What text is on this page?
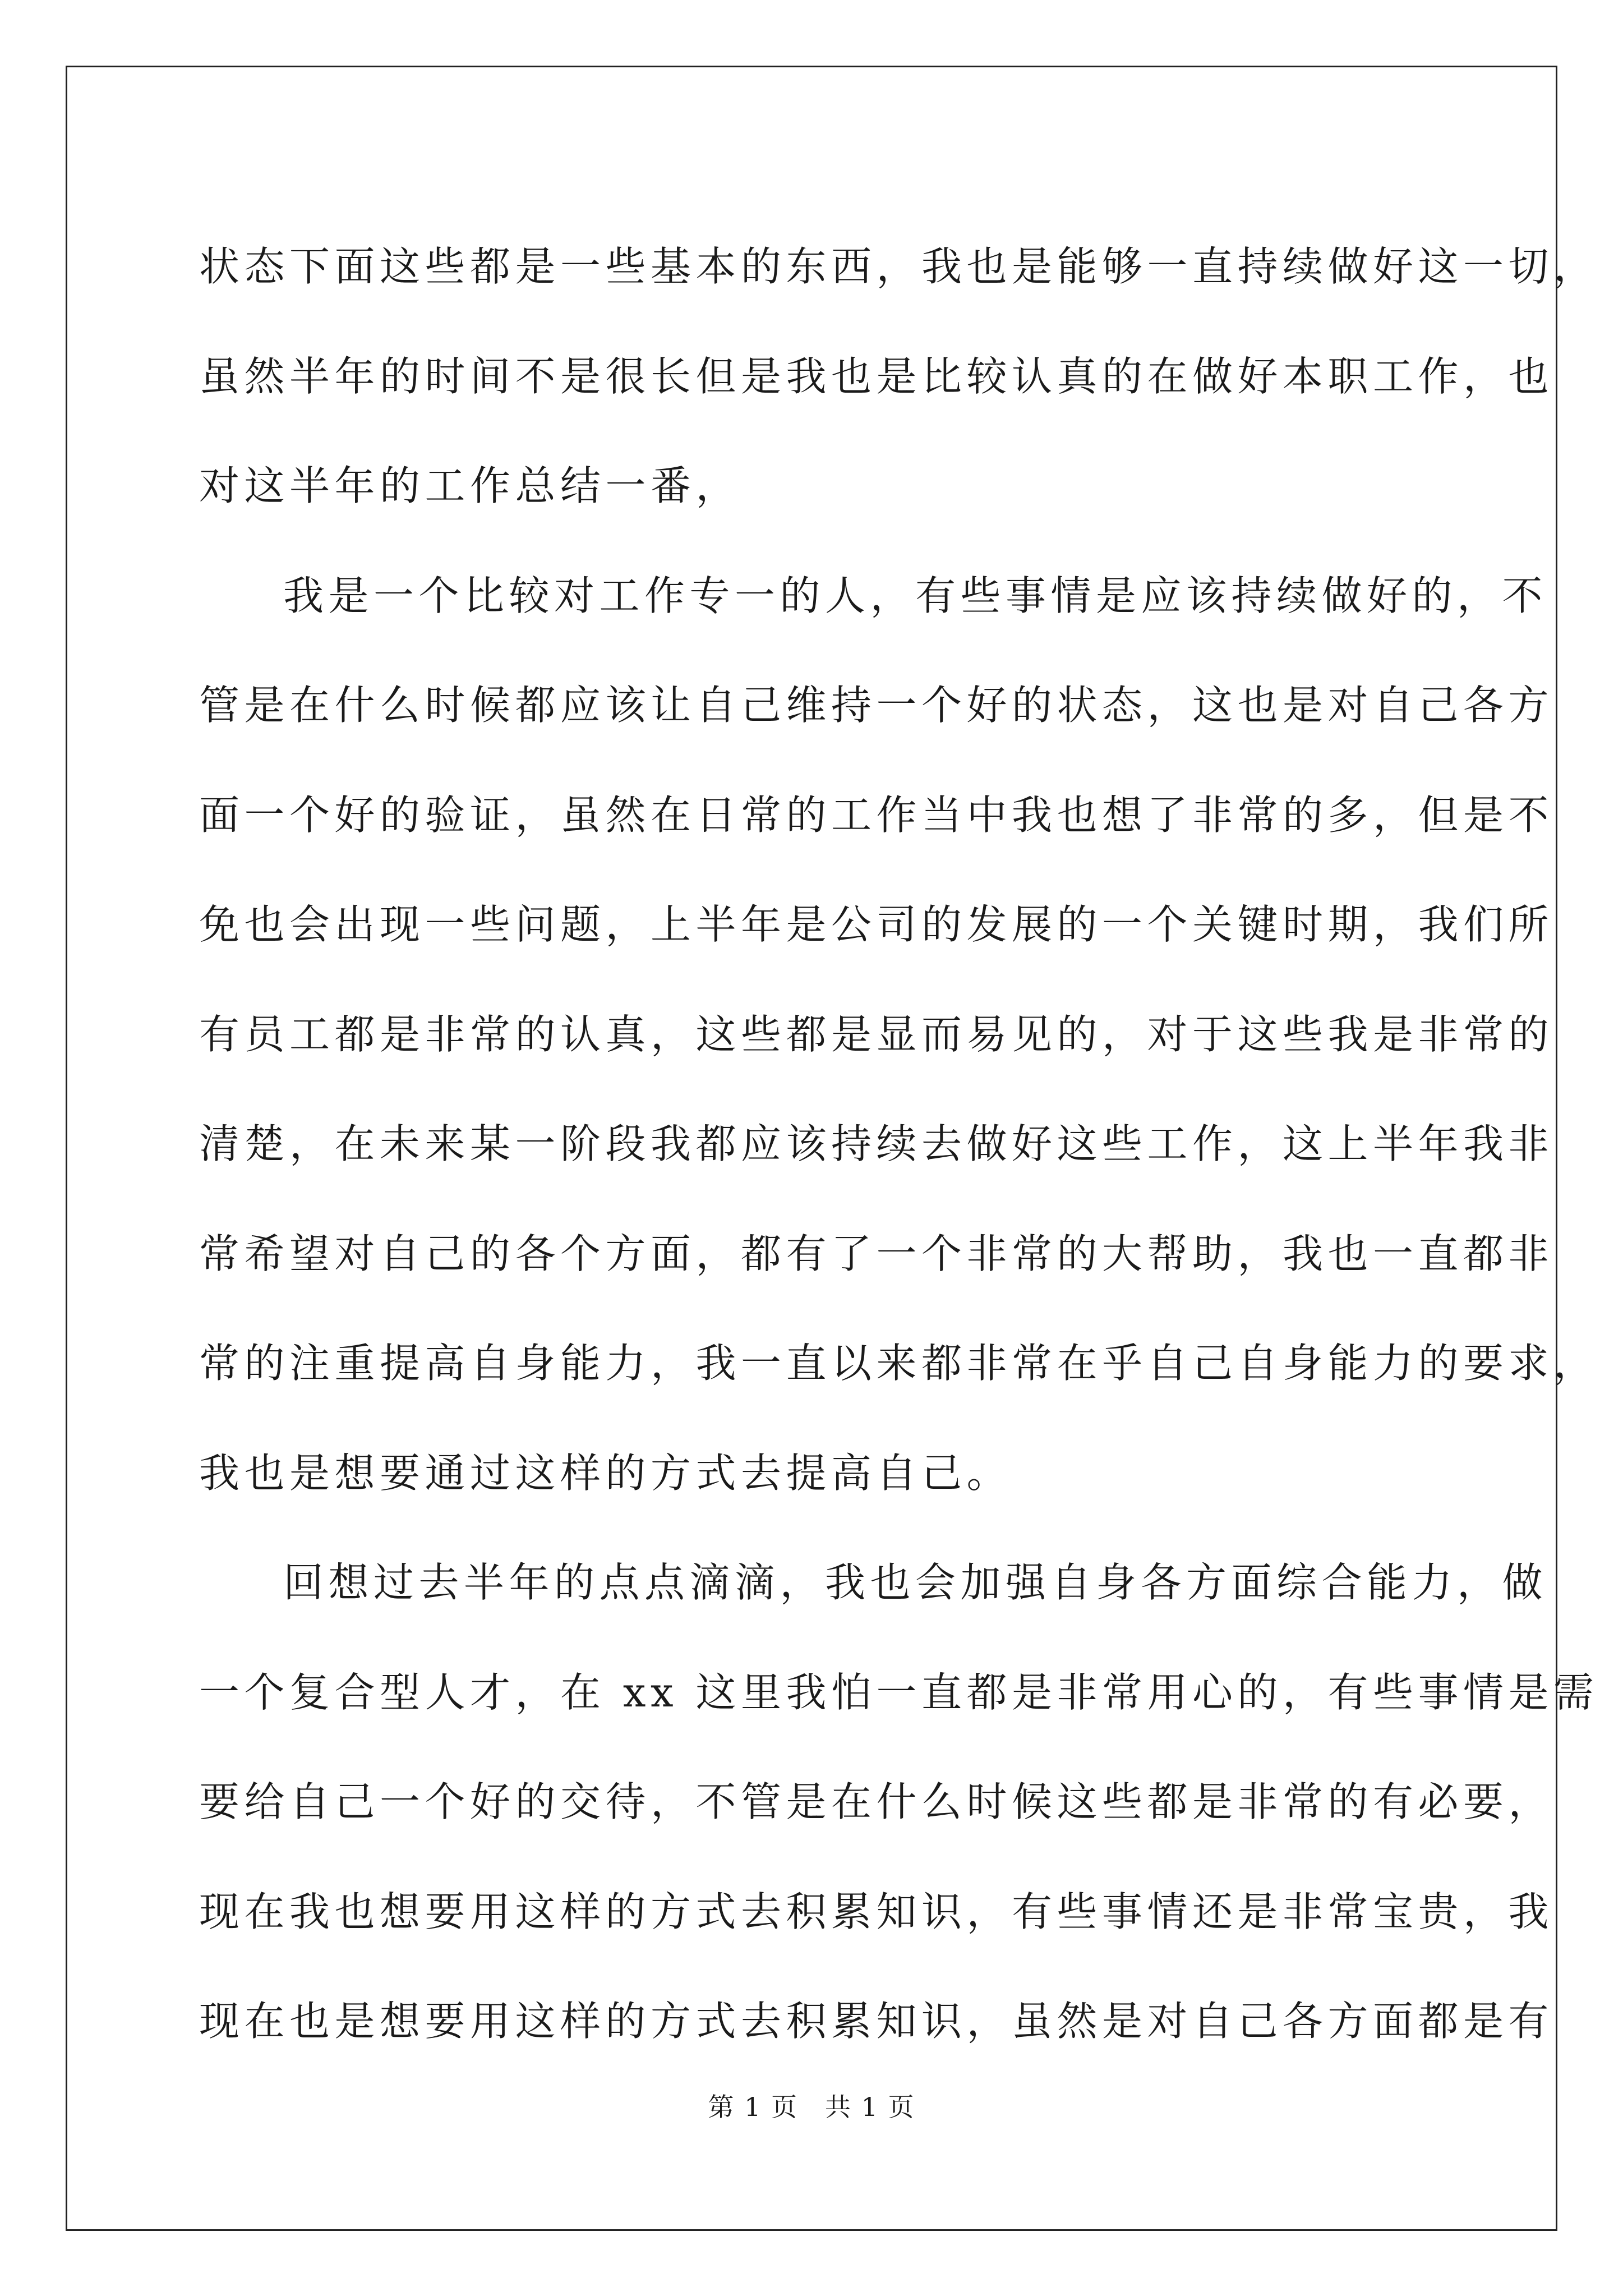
状态下面这些都是一些基本的东西，我也是能够一直持续做好这一切，
虽然半年的时间不是很长但是我也是比较认真的在做好本职工作，也
对这半年的工作总结一番，
我是一个比较对工作专一的人，有些事情是应该持续做好的，不
管是在什么时候都应该让自己维持一个好的状态，这也是对自己各方
面一个好的验证，虽然在日常的工作当中我也想了非常的多，但是不
免也会出现一些问题，上半年是公司的发展的一个关键时期，我们所
有员工都是非常的认真，这些都是显而易见的，对于这些我是非常的
清楚，在未来某一阶段我都应该持续去做好这些工作，这上半年我非
常希望对自己的各个方面，都有了一个非常的大帮助，我也一直都非
常的注重提高自身能力，我一直以来都非常在乎自己自身能力的要求，
我也是想要通过这样的方式去提高自己。
回想过去半年的点点滴滴，我也会加强自身各方面综合能力，做
一个复合型人才，在 xx 这里我怕一直都是非常用心的，有些事情是需
要给自己一个好的交待，不管是在什么时候这些都是非常的有必要，
现在我也想要用这样的方式去积累知识，有些事情还是非常宝贵，我
现在也是想要用这样的方式去积累知识，虽然是对自己各方面都是有
第 1 页　共 1 页
